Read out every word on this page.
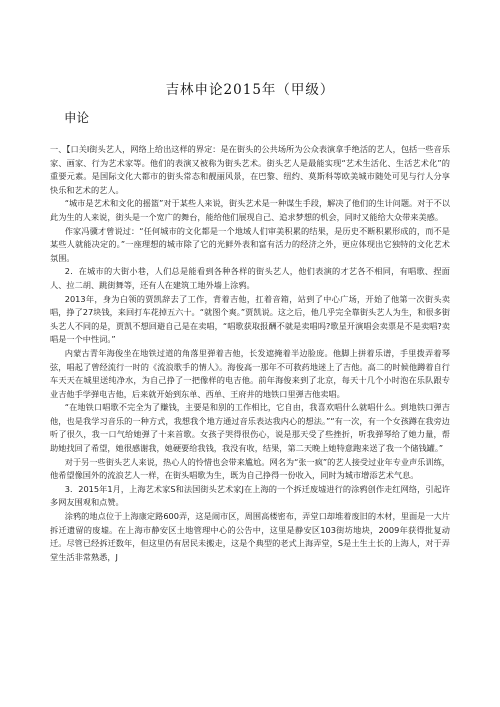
吉林申论2015年（甲级）
申论

一、【口关I街头艺人，网络上给出这样的界定：是在街头的公共场所为公众表演拿手绝活的艺人，包括一些音乐家、画家、行为艺术家等。他们的表演又被称为街头艺术。街头艺人是最能实现“艺术生活化、生活艺术化”的重要元素。是国际文化大都市的街头常态和靓丽风景，在巴黎、纽约、莫斯科等欧美城市随处可见与行人分享快乐和艺术的艺人。

“城市是艺术和文化的摇篮”对于某些人来说，街头艺术是一种谋生手段，解决了他们的生计问题。对于不以此为生的人来说，街头是一个宽广的舞台，能给他们展现自己、追求梦想的机会，同时又能给大众带来美感。

作家冯骥才曾说过：“任何城市的文化都是一个地域人们审美积累的结果，是历史不断积累形成的，而不是某些人就能决定的。”一座理想的城市除了它的光鲜外表和富有活力的经济之外，更应体现出它独特的文化艺术氛围。

2．在城市的大街小巷，人们总是能看到各种各样的街头艺人，他们表演的才艺各不相同，有唱歌、捏面人、拉二胡、跳街舞等，还有人在建筑工地外墙上涂鸦。

2013年，身为白领的贾凯辞去了工作，背着吉他，扛着音箱，站到了中心广场，开始了他第一次街头卖唱，挣了27块钱，来回打车花掉五六十。“就图个爽。”贾凯说。这之后，他几乎完全靠街头艺人为生，和很多街头艺人不同的是，贾凯不想回避自己是在卖唱，“唱歌获取报酬不就是卖唱吗?歌星开演唱会卖票是不是卖唱?卖唱是一个中性词。”

内蒙古青年海俊坐在地铁过道的角落里弹着吉他，长发遮掩着半边脸庞。他脚上拼着乐谱，手里拨弄着琴弦，唱起了曾经流行一时的《流浪歌手的情人》。海俊高一那年不可救药地迷上了吉他。高二的时候他蹲着自行车天天在城里送纯净水，为自己挣了一把像样的电吉他。前年海俊来到了北京，每天十几个小时泡在乐队跟专业吉他手学弹电吉他，后来就开始到东单、西单、王府井的地铁口里弹吉他卖唱。

“在地铁口唱歌不完全为了赚钱，主要是和别的工作相比，它自由，我喜欢唱什么就唱什么。到地铁口弹吉他，也是我学习音乐的一种方式，我想我个地方通过音乐表达我内心的想法。”“有一次，有一个女孩蹲在我旁边听了很久，我一口气给她弹了十来首歌。女孩子哭得很伤心，说是那天受了些挫折，听我弹琴给了她力量，帮助她找回了希望，她很感谢我，她硬要给我钱，我没有收，结果，第二天晚上她特意跑来送了我一个储钱罐。”

对于另一些街头艺人来说，热心人的怜惜也会带来尴尬。网名为“张一疯”的艺人接受过业年专业声乐训练，他希望像国外的流浪艺人一样，在街头唱歌为生，既为自己挣得一份收入，同时为城市增添艺术气息。

3．2015年1月，上海艺术家S和法国街头艺术家J在上海的一个拆迁废墟进行的涂鸦创作走红网络，引起许多网友围观和点赞。

涂鸦的地点位于上海康定路600弄，这是闹市区，周围高楼密布，弄堂口却堆着废旧的木材，里面是一大片拆迁遗留的废墟。在上海市静安区土地管理中心的公告中，这里是静安区103街坊地块，2009年获得批复动迁。尽管已经拆迁数年，但这里仍有居民未搬走，这是个典型的老式上海弄堂，S是土生土长的上海人，对于弄堂生活非常熟悉，J
